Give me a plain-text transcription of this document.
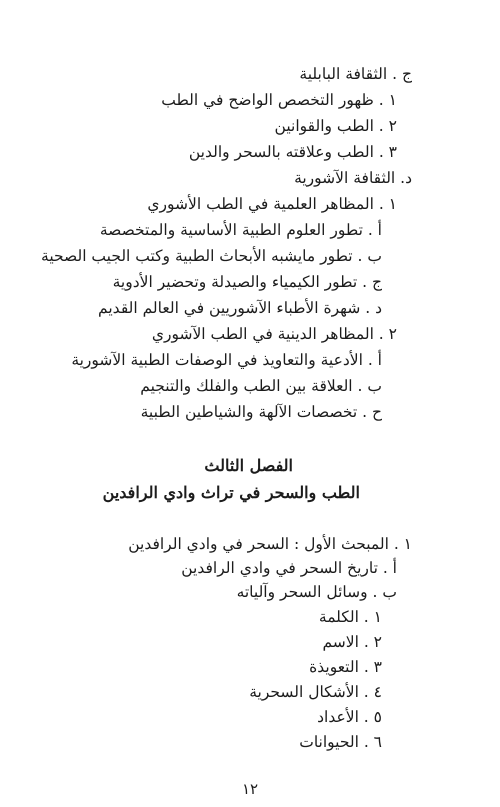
ج . الثقافة البابلية
١ . ظهور التخصص الواضح في الطب
٢ . الطب والقوانين
٣ . الطب وعلاقته بالسحر والدين
د. الثقافة الآشورية
١ . المظاهر العلمية في الطب الأشوري
أ . تطور العلوم الطبية الأساسية والمتخصصة
ب . تطور مايشبه الأبحاث الطبية وكتب الجيب الصحية
ج . تطور الكيمياء والصيدلة وتحضير الأدوية
د . شهرة الأطباء الآشوريين في العالم القديم
٢ . المظاهر الدينية في الطب الآشوري
أ . الأدعية والتعاويذ في الوصفات الطبية الآشورية
ب . العلاقة بين الطب والفلك والتنجيم
ح . تخصصات الآلهة والشياطين الطبية
الفصل الثالث
الطب والسحر في تراث وادي الرافدين
١ . المبحث الأول : السحر في وادي الرافدين
أ . تاريخ السحر في وادي الرافدين
ب . وسائل السحر وآلياته
١ . الكلمة
٢ . الاسم
٣ . التعويذة
٤ . الأشكال السحرية
٥ . الأعداد
٦ . الحيوانات
١٢
